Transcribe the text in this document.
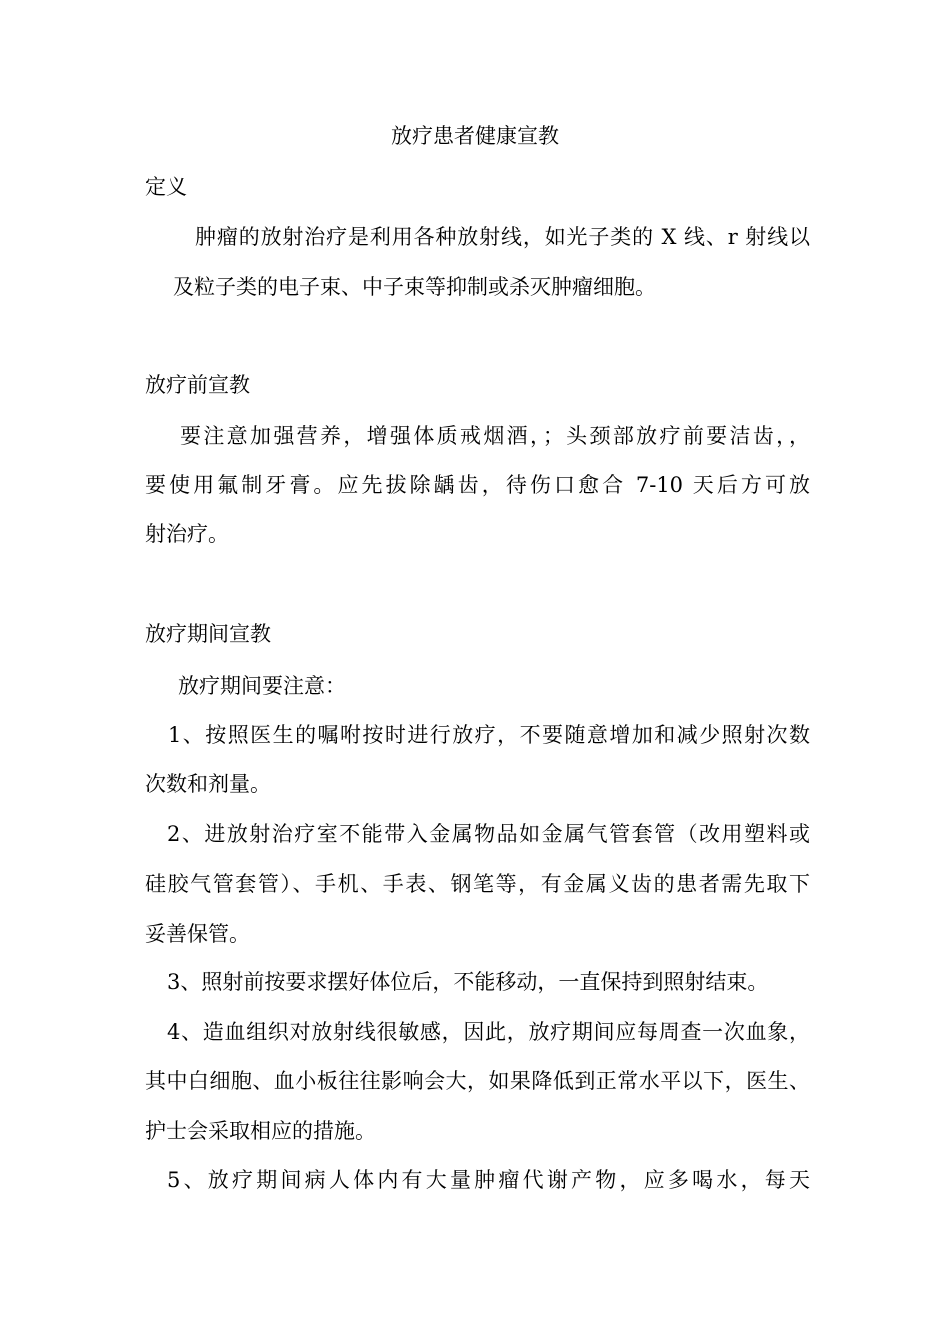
放疗患者健康宣教
定义
肿瘤的放射治疗是利用各种放射线，如光子类的 X 线、r 射线以
及粒子类的电子束、中子束等抑制或杀灭肿瘤细胞。
放疗前宣教
要注意加强营养，增强体质戒烟酒，；头颈部放疗前要洁齿，，
要使用氟制牙膏。应先拔除龋齿，待伤口愈合 7-10 天后方可放
射治疗。
放疗期间宣教
放疗期间要注意：
1、按照医生的嘱咐按时进行放疗，不要随意增加和减少照射次数
次数和剂量。
2、进放射治疗室不能带入金属物品如金属气管套管（改用塑料或
硅胶气管套管）、手机、手表、钢笔等，有金属义齿的患者需先取下
妥善保管。
3、照射前按要求摆好体位后，不能移动，一直保持到照射结束。
4、造血组织对放射线很敏感，因此，放疗期间应每周查一次血象，
其中白细胞、血小板往往影响会大，如果降低到正常水平以下，医生、
护士会采取相应的措施。
5、放疗期间病人体内有大量肿瘤代谢产物，应多喝水，每天
